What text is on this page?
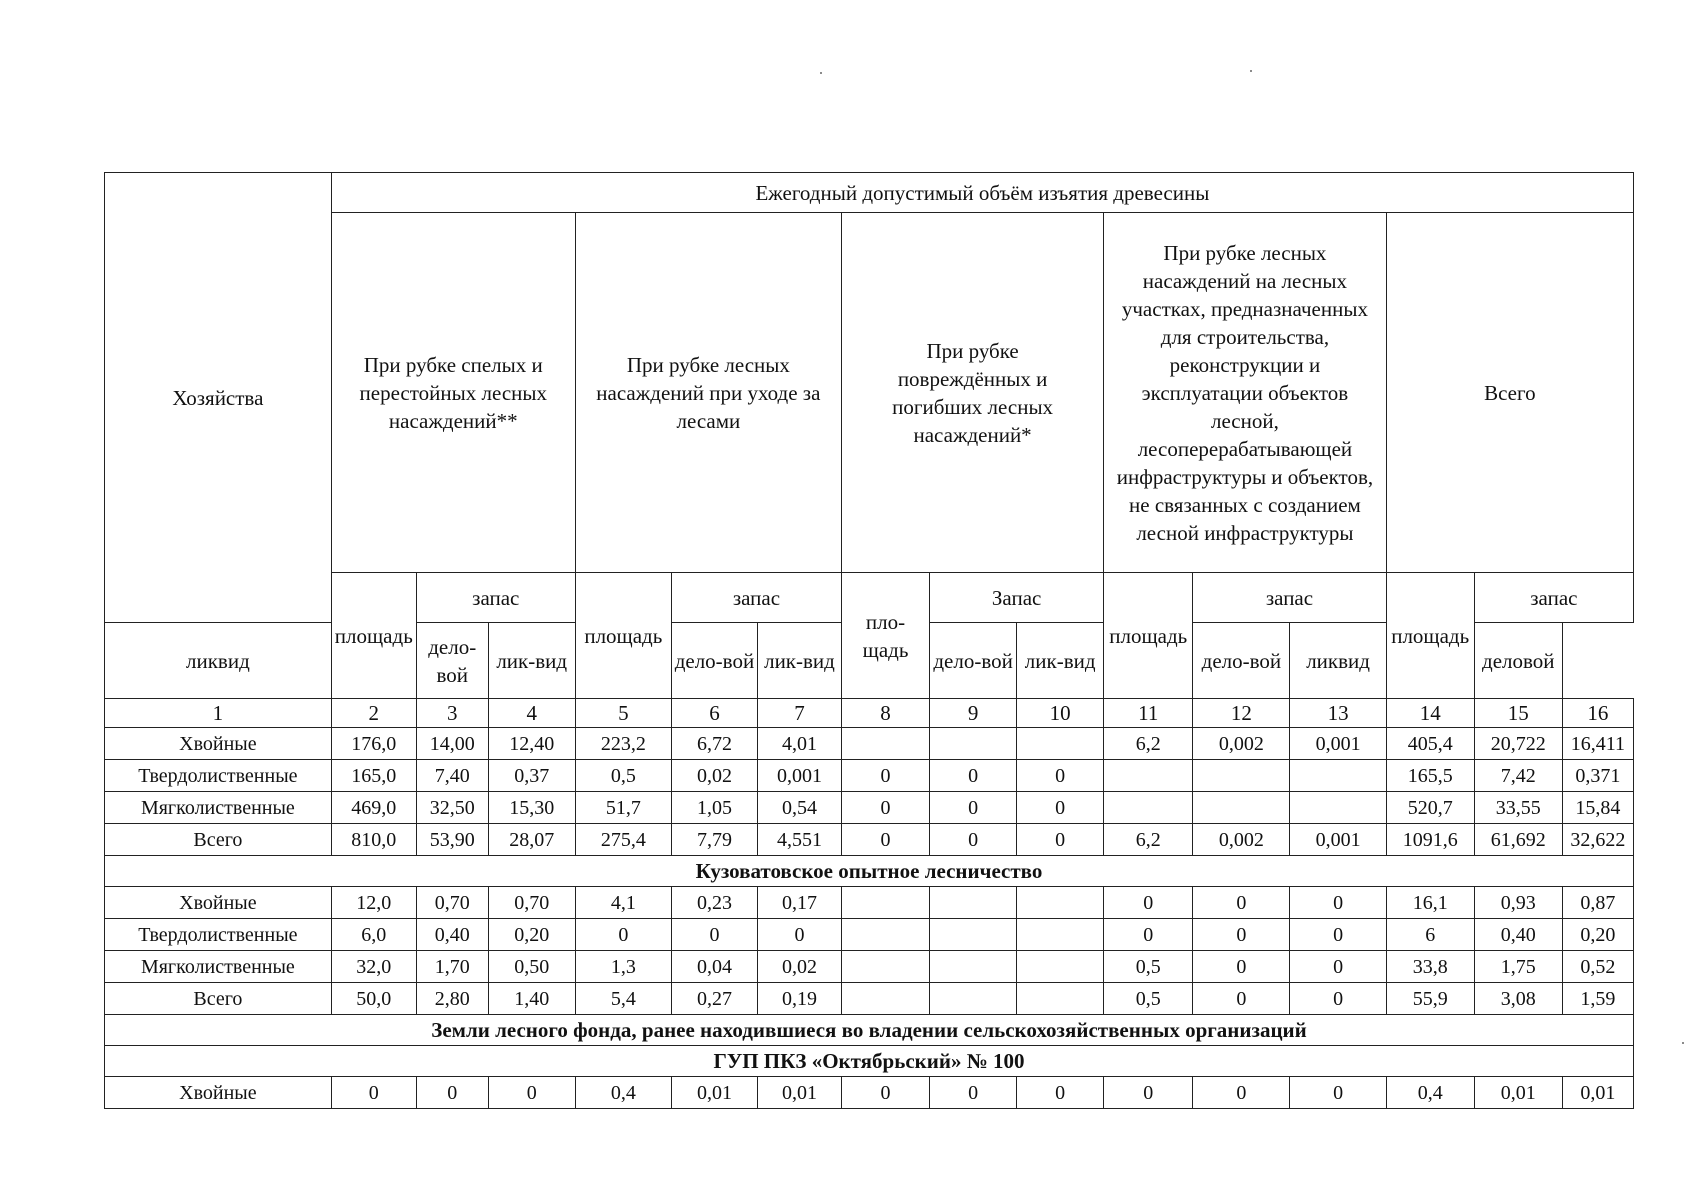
Хозяйства	Ежегодный допустимый объём изъятия древесины														
	При рубке спелых и перестойных лесных насаждений**			При рубке лесных насаждений при уходе за лесами			При рубке повреждённых и погибших лесных насаждений*			При рубке лесных насаждений на лесных участках, предназначенных для строительства, реконструкции и эксплуатации объектов лесной, лесоперерабатывающей инфраструктуры и объектов, не связанных с созданием лесной инфраструктуры			Всего		
	площадь	запас		площадь	запас		пло-щадь	Запас		площадь	запас		площадь	запас	
ликвид		дело-вой	лик-вид		дело-вой	лик-вид		дело-вой	лик-вид		дело-вой	ликвид		деловой	
1	2	3	4	5	6	7	8	9	10	11	12	13	14	15	16
Хвойные	176,0	14,00	12,40	223,2	6,72	4,01				6,2	0,002	0,001	405,4	20,722	16,411
Твердолиственные	165,0	7,40	0,37	0,5	0,02	0,001	0	0	0				165,5	7,42	0,371
Мягколиственные	469,0	32,50	15,30	51,7	1,05	0,54	0	0	0				520,7	33,55	15,84
Всего	810,0	53,90	28,07	275,4	7,79	4,551	0	0	0	6,2	0,002	0,001	1091,6	61,692	32,622
Кузоватовское опытное лесничество															
Хвойные	12,0	0,70	0,70	4,1	0,23	0,17				0	0	0	16,1	0,93	0,87
Твердолиственные	6,0	0,40	0,20	0	0	0				0	0	0	6	0,40	0,20
Мягколиственные	32,0	1,70	0,50	1,3	0,04	0,02				0,5	0	0	33,8	1,75	0,52
Всего	50,0	2,80	1,40	5,4	0,27	0,19				0,5	0	0	55,9	3,08	1,59
Земли лесного фонда, ранее находившиеся во владении сельскохозяйственных организаций															
ГУП ПКЗ «Октябрьский» № 100															
Хвойные	0	0	0	0,4	0,01	0,01	0	0	0	0	0	0	0,4	0,01	0,01
